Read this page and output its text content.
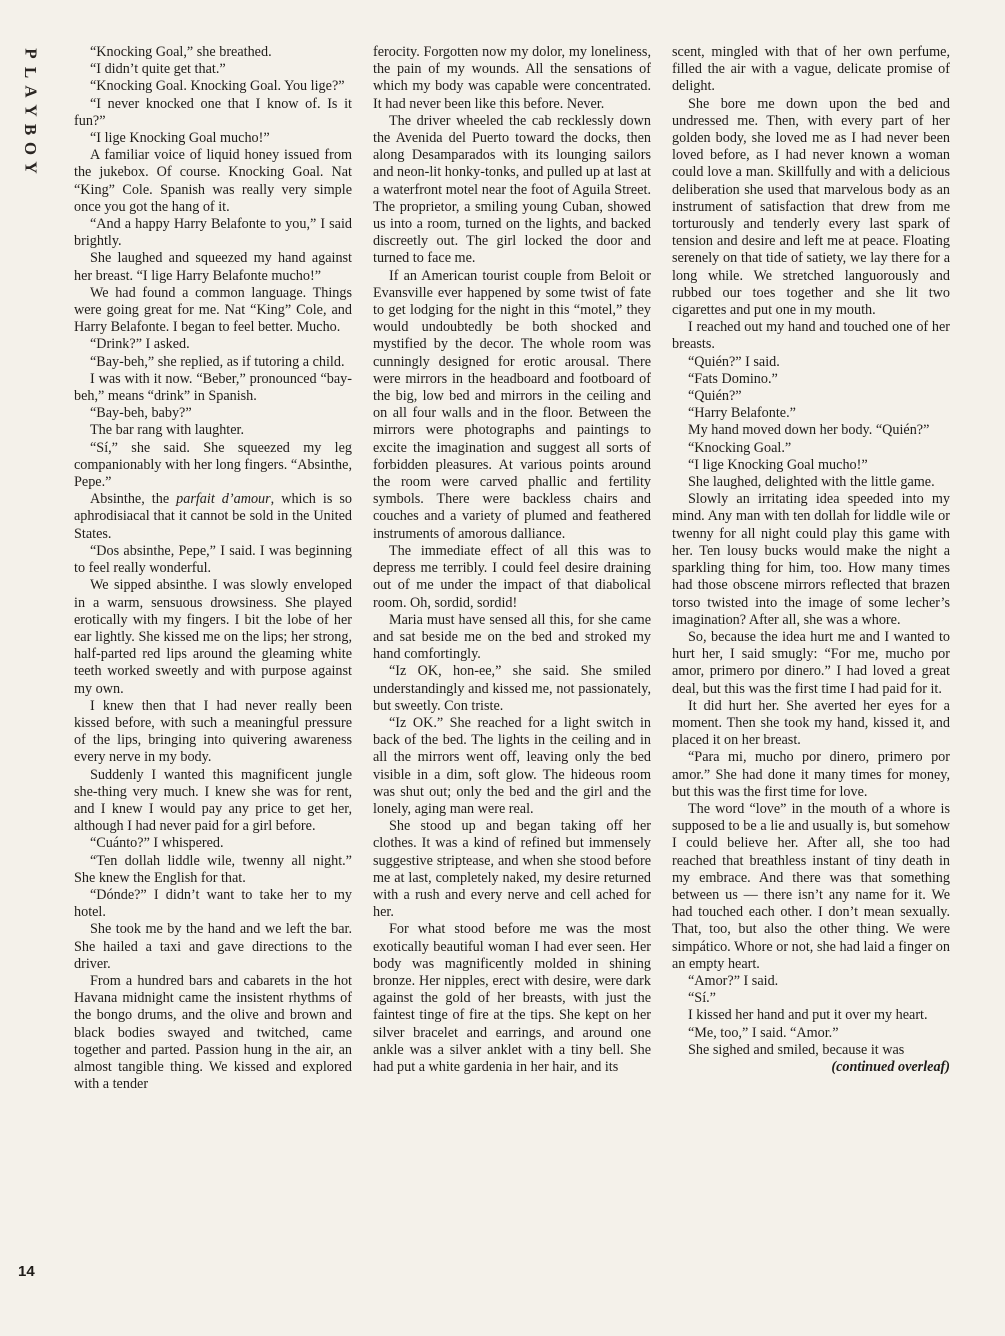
P
L
A
Y
B
O
Y
14

“Knocking Goal,” she breathed.

“I didn’t quite get that.”

“Knocking Goal. Knocking Goal. You lige?”

“I never knocked one that I know of. Is it fun?”

“I lige Knocking Goal mucho!”

A familiar voice of liquid honey issued from the jukebox. Of course. Knocking Goal. Nat “King” Cole. Spanish was really very simple once you got the hang of it.

“And a happy Harry Belafonte to you,” I said brightly.

She laughed and squeezed my hand against her breast. “I lige Harry Belafonte mucho!”

We had found a common language. Things were going great for me. Nat “King” Cole, and Harry Belafonte. I began to feel better. Mucho.

“Drink?” I asked.

“Bay-beh,” she replied, as if tutoring a child.

I was with it now. “Beber,” pronounced “bay-beh,” means “drink” in Spanish.

“Bay-beh, baby?”

The bar rang with laughter.

“Sí,” she said. She squeezed my leg companionably with her long fingers. “Absinthe, Pepe.”

Absinthe, the parfait d’amour, which is so aphrodisiacal that it cannot be sold in the United States.

“Dos absinthe, Pepe,” I said. I was beginning to feel really wonderful.

We sipped absinthe. I was slowly enveloped in a warm, sensuous drowsiness. She played erotically with my fingers. I bit the lobe of her ear lightly. She kissed me on the lips; her strong, half-parted red lips around the gleaming white teeth worked sweetly and with purpose against my own.

I knew then that I had never really been kissed before, with such a meaningful pressure of the lips, bringing into quivering awareness every nerve in my body.

Suddenly I wanted this magnificent jungle she-thing very much. I knew she was for rent, and I knew I would pay any price to get her, although I had never paid for a girl before.

“Cuánto?” I whispered.

“Ten dollah liddle wile, twenny all night.” She knew the English for that.

“Dónde?” I didn’t want to take her to my hotel.

She took me by the hand and we left the bar. She hailed a taxi and gave directions to the driver.

From a hundred bars and cabarets in the hot Havana midnight came the insistent rhythms of the bongo drums, and the olive and brown and black bodies swayed and twitched, came together and parted. Passion hung in the air, an almost tangible thing. We kissed and explored with a tender

ferocity. Forgotten now my dolor, my loneliness, the pain of my wounds. All the sensations of which my body was capable were concentrated. It had never been like this before. Never.

The driver wheeled the cab recklessly down the Avenida del Puerto toward the docks, then along Desamparados with its lounging sailors and neon-lit honky-tonks, and pulled up at last at a waterfront motel near the foot of Aguila Street. The proprietor, a smiling young Cuban, showed us into a room, turned on the lights, and backed discreetly out. The girl locked the door and turned to face me.

If an American tourist couple from Beloit or Evansville ever happened by some twist of fate to get lodging for the night in this “motel,” they would undoubtedly be both shocked and mystified by the decor. The whole room was cunningly designed for erotic arousal. There were mirrors in the headboard and footboard of the big, low bed and mirrors in the ceiling and on all four walls and in the floor. Between the mirrors were photographs and paintings to excite the imagination and suggest all sorts of forbidden pleasures. At various points around the room were carved phallic and fertility symbols. There were backless chairs and couches and a variety of plumed and feathered instruments of amorous dalliance.

The immediate effect of all this was to depress me terribly. I could feel desire draining out of me under the impact of that diabolical room. Oh, sordid, sordid!

Maria must have sensed all this, for she came and sat beside me on the bed and stroked my hand comfortingly.

“Iz OK, hon-ee,” she said. She smiled understandingly and kissed me, not passionately, but sweetly. Con triste.

“Iz OK.” She reached for a light switch in back of the bed. The lights in the ceiling and in all the mirrors went off, leaving only the bed visible in a dim, soft glow. The hideous room was shut out; only the bed and the girl and the lonely, aging man were real.

She stood up and began taking off her clothes. It was a kind of refined but immensely suggestive striptease, and when she stood before me at last, completely naked, my desire returned with a rush and every nerve and cell ached for her.

For what stood before me was the most exotically beautiful woman I had ever seen. Her body was magnificently molded in shining bronze. Her nipples, erect with desire, were dark against the gold of her breasts, with just the faintest tinge of fire at the tips. She kept on her silver bracelet and earrings, and around one ankle was a silver anklet with a tiny bell. She had put a white gardenia in her hair, and its

scent, mingled with that of her own perfume, filled the air with a vague, delicate promise of delight.

She bore me down upon the bed and undressed me. Then, with every part of her golden body, she loved me as I had never been loved before, as I had never known a woman could love a man. Skillfully and with a delicious deliberation she used that marvelous body as an instrument of satisfaction that drew from me torturously and tenderly every last spark of tension and desire and left me at peace. Floating serenely on that tide of satiety, we lay there for a long while. We stretched languorously and rubbed our toes together and she lit two cigarettes and put one in my mouth.

I reached out my hand and touched one of her breasts.

“Quién?” I said.

“Fats Domino.”

“Quién?”

“Harry Belafonte.”

My hand moved down her body. “Quién?”

“Knocking Goal.”

“I lige Knocking Goal mucho!”

She laughed, delighted with the little game.

Slowly an irritating idea speeded into my mind. Any man with ten dollah for liddle wile or twenny for all night could play this game with her. Ten lousy bucks would make the night a sparkling thing for him, too. How many times had those obscene mirrors reflected that brazen torso twisted into the image of some lecher’s imagination? After all, she was a whore.

So, because the idea hurt me and I wanted to hurt her, I said smugly: “For me, mucho por amor, primero por dinero.” I had loved a great deal, but this was the first time I had paid for it.

It did hurt her. She averted her eyes for a moment. Then she took my hand, kissed it, and placed it on her breast.

“Para mi, mucho por dinero, primero por amor.” She had done it many times for money, but this was the first time for love.

The word “love” in the mouth of a whore is supposed to be a lie and usually is, but somehow I could believe her. After all, she too had reached that breathless instant of tiny death in my embrace. And there was that something between us — there isn’t any name for it. We had touched each other. I don’t mean sexually. That, too, but also the other thing. We were simpático. Whore or not, she had laid a finger on an empty heart.

“Amor?” I said.

“Sí.”

I kissed her hand and put it over my heart.

“Me, too,” I said. “Amor.”

She sighed and smiled, because it was

(continued overleaf)
